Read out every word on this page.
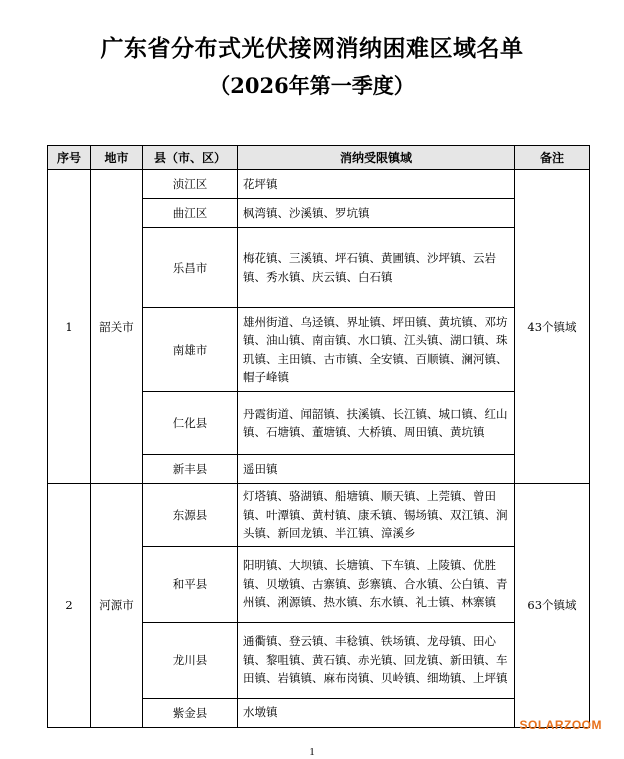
广东省分布式光伏接网消纳困难区域名单
（2026年第一季度）
序号	地市	县（市、区）	消纳受限镇域	备注
1	韶关市	浈江区	花坪镇	43个镇域
		曲江区	枫湾镇、沙溪镇、罗坑镇	
		乐昌市	梅花镇、三溪镇、坪石镇、黄圃镇、沙坪镇、云岩镇、秀水镇、庆云镇、白石镇	
		南雄市	雄州街道、乌迳镇、界址镇、坪田镇、黄坑镇、邓坊镇、油山镇、南亩镇、水口镇、江头镇、湖口镇、珠玑镇、主田镇、古市镇、全安镇、百顺镇、澜河镇、帽子峰镇	
		仁化县	丹霞街道、闻韶镇、扶溪镇、长江镇、城口镇、红山镇、石塘镇、董塘镇、大桥镇、周田镇、黄坑镇	
		新丰县	遥田镇	
2	河源市	东源县	灯塔镇、骆湖镇、船塘镇、顺天镇、上莞镇、曾田镇、叶潭镇、黄村镇、康禾镇、锡场镇、双江镇、涧头镇、新回龙镇、半江镇、漳溪乡	63个镇域
		和平县	阳明镇、大坝镇、长塘镇、下车镇、上陵镇、优胜镇、贝墩镇、古寨镇、彭寨镇、合水镇、公白镇、青州镇、浰源镇、热水镇、东水镇、礼士镇、林寨镇	
		龙川县	通衢镇、登云镇、丰稔镇、铁场镇、龙母镇、田心镇、黎咀镇、黄石镇、赤光镇、回龙镇、新田镇、车田镇、岩镇镇、麻布岗镇、贝岭镇、细坳镇、上坪镇	
		紫金县	水墩镇	
SOLARZOOM
1
